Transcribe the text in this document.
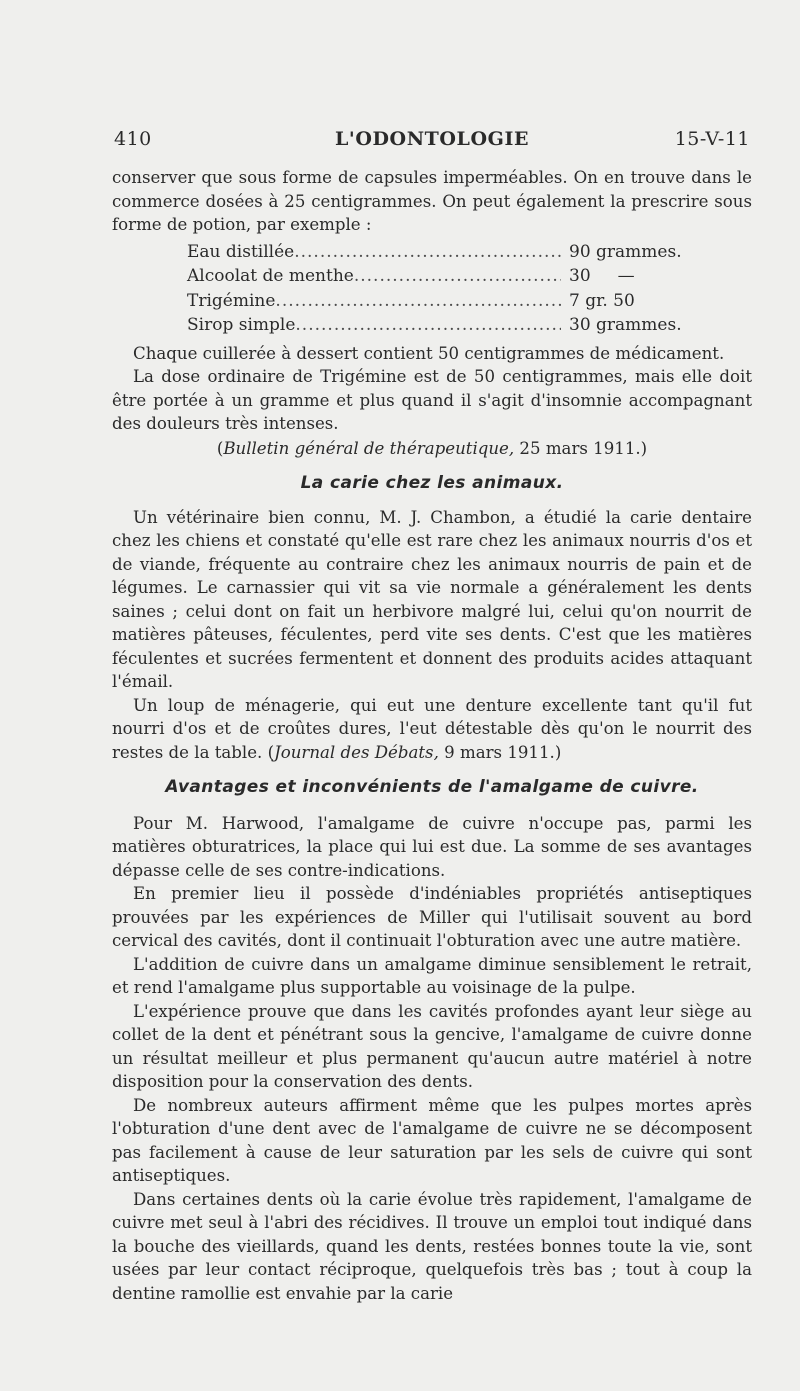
410	L'ODONTOLOGIE	15-V-11

conserver que sous forme de capsules imperméables. On en trouve dans le commerce dosées à 25 centigrammes. On peut également la prescrire sous forme de potion, par exemple :

Eau distillée .....	90 grammes.
Alcoolat de menthe .....	30     —
Trigémine .....	7 gr. 50
Sirop simple .....	30 grammes.

Chaque cuillerée à dessert contient 50 centigrammes de médicament.

La dose ordinaire de Trigémine est de 50 centigrammes, mais elle doit être portée à un gramme et plus quand il s'agit d'insomnie accompagnant des douleurs très intenses.

(Bulletin général de thérapeutique, 25 mars 1911.)
La carie chez les animaux.

Un vétérinaire bien connu, M. J. Chambon, a étudié la carie dentaire chez les chiens et constaté qu'elle est rare chez les animaux nourris d'os et de viande, fréquente au contraire chez les animaux nourris de pain et de légumes. Le carnassier qui vit sa vie normale a généralement les dents saines ; celui dont on fait un herbivore malgré lui, celui qu'on nourrit de matières pâteuses, féculentes, perd vite ses dents. C'est que les matières féculentes et sucrées fermentent et donnent des produits acides attaquant l'émail.

Un loup de ménagerie, qui eut une denture excellente tant qu'il fut nourri d'os et de croûtes dures, l'eut détestable dès qu'on le nourrit des restes de la table. (Journal des Débats, 9 mars 1911.)

Avantages et inconvénients de l'amalgame de cuivre.

Pour M. Harwood, l'amalgame de cuivre n'occupe pas, parmi les matières obturatrices, la place qui lui est due. La somme de ses avantages dépasse celle de ses contre-indications.

En premier lieu il possède d'indéniables propriétés antiseptiques prouvées par les expériences de Miller qui l'utilisait souvent au bord cervical des cavités, dont il continuait l'obturation avec une autre matière.

L'addition de cuivre dans un amalgame diminue sensiblement le retrait, et rend l'amalgame plus supportable au voisinage de la pulpe.

L'expérience prouve que dans les cavités profondes ayant leur siège au collet de la dent et pénétrant sous la gencive, l'amalgame de cuivre donne un résultat meilleur et plus permanent qu'aucun autre matériel à notre disposition pour la conservation des dents.

De nombreux auteurs affirment même que les pulpes mortes après l'obturation d'une dent avec de l'amalgame de cuivre ne se décomposent pas facilement à cause de leur saturation par les sels de cuivre qui sont antiseptiques.

Dans certaines dents où la carie évolue très rapidement, l'amalgame de cuivre met seul à l'abri des récidives. Il trouve un emploi tout indiqué dans la bouche des vieillards, quand les dents, restées bonnes toute la vie, sont usées par leur contact réciproque, quelquefois très bas ; tout à coup la dentine ramollie est envahie par la carie
